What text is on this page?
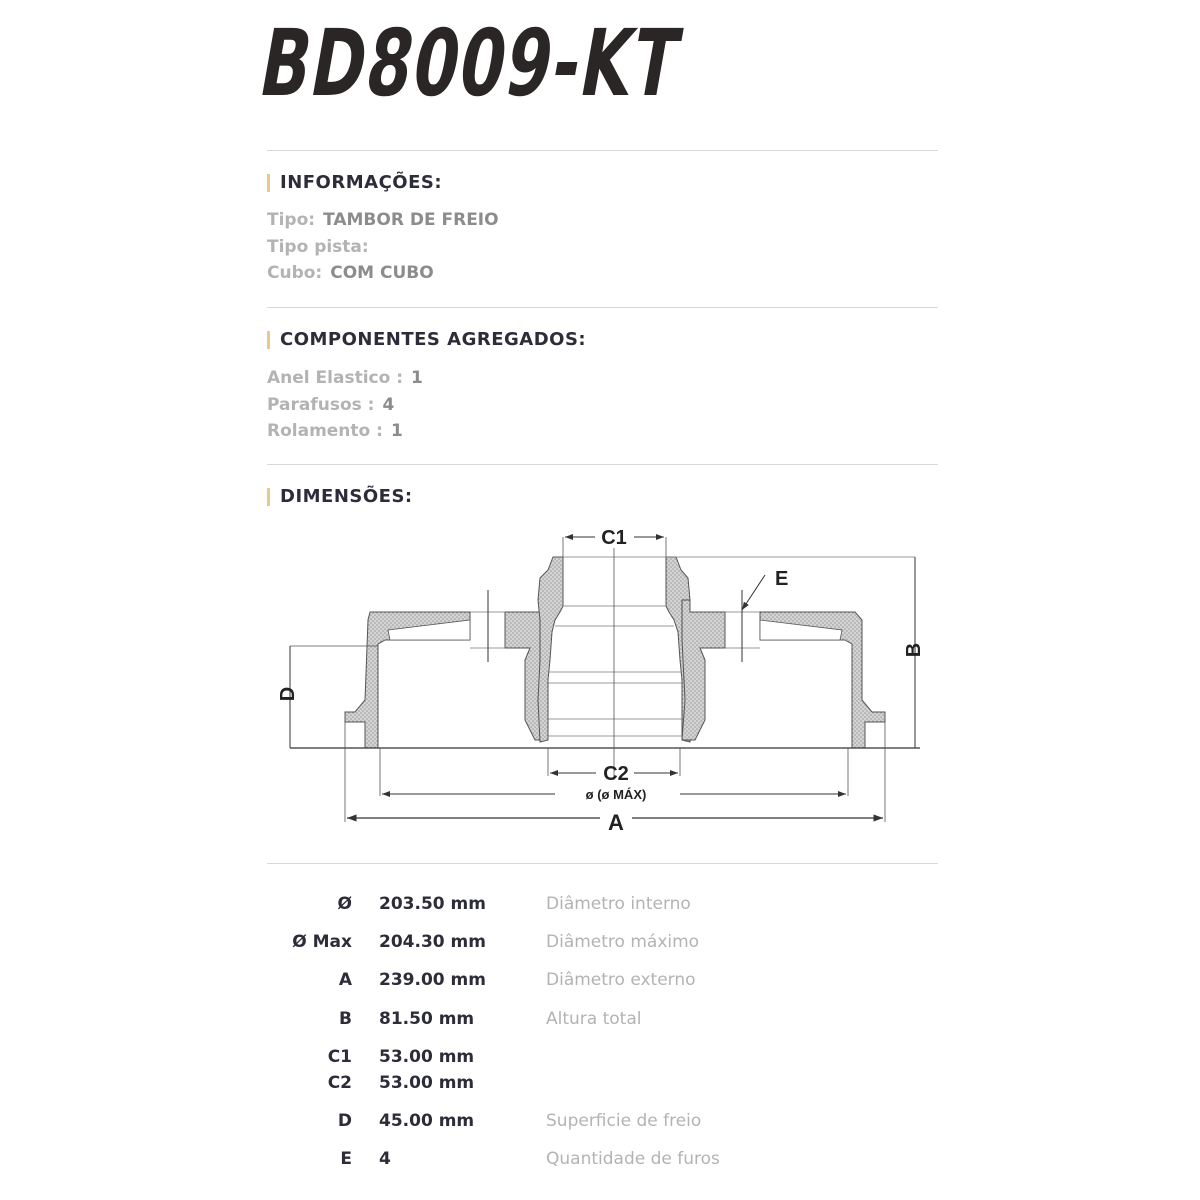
BD8009-KT
INFORMAÇÕES:
Tipo: TAMBOR DE FREIO
Tipo pista:
Cubo: COM CUBO
COMPONENTES AGREGADOS:
Anel Elastico : 1
Parafusos : 4
Rolamento : 1
DIMENSÕES:
C1
E
B
D
C2
ø (ø MÁX)
A
Ø 203.50 mm	Diâmetro interno
Ø Max 204.30 mm	Diâmetro máximo
A 239.00 mm	Diâmetro externo
B 81.50 mm	Altura total
C1 53.00 mm
C2 53.00 mm
D 45.00 mm	Superficie de freio
E 4	Quantidade de furos
